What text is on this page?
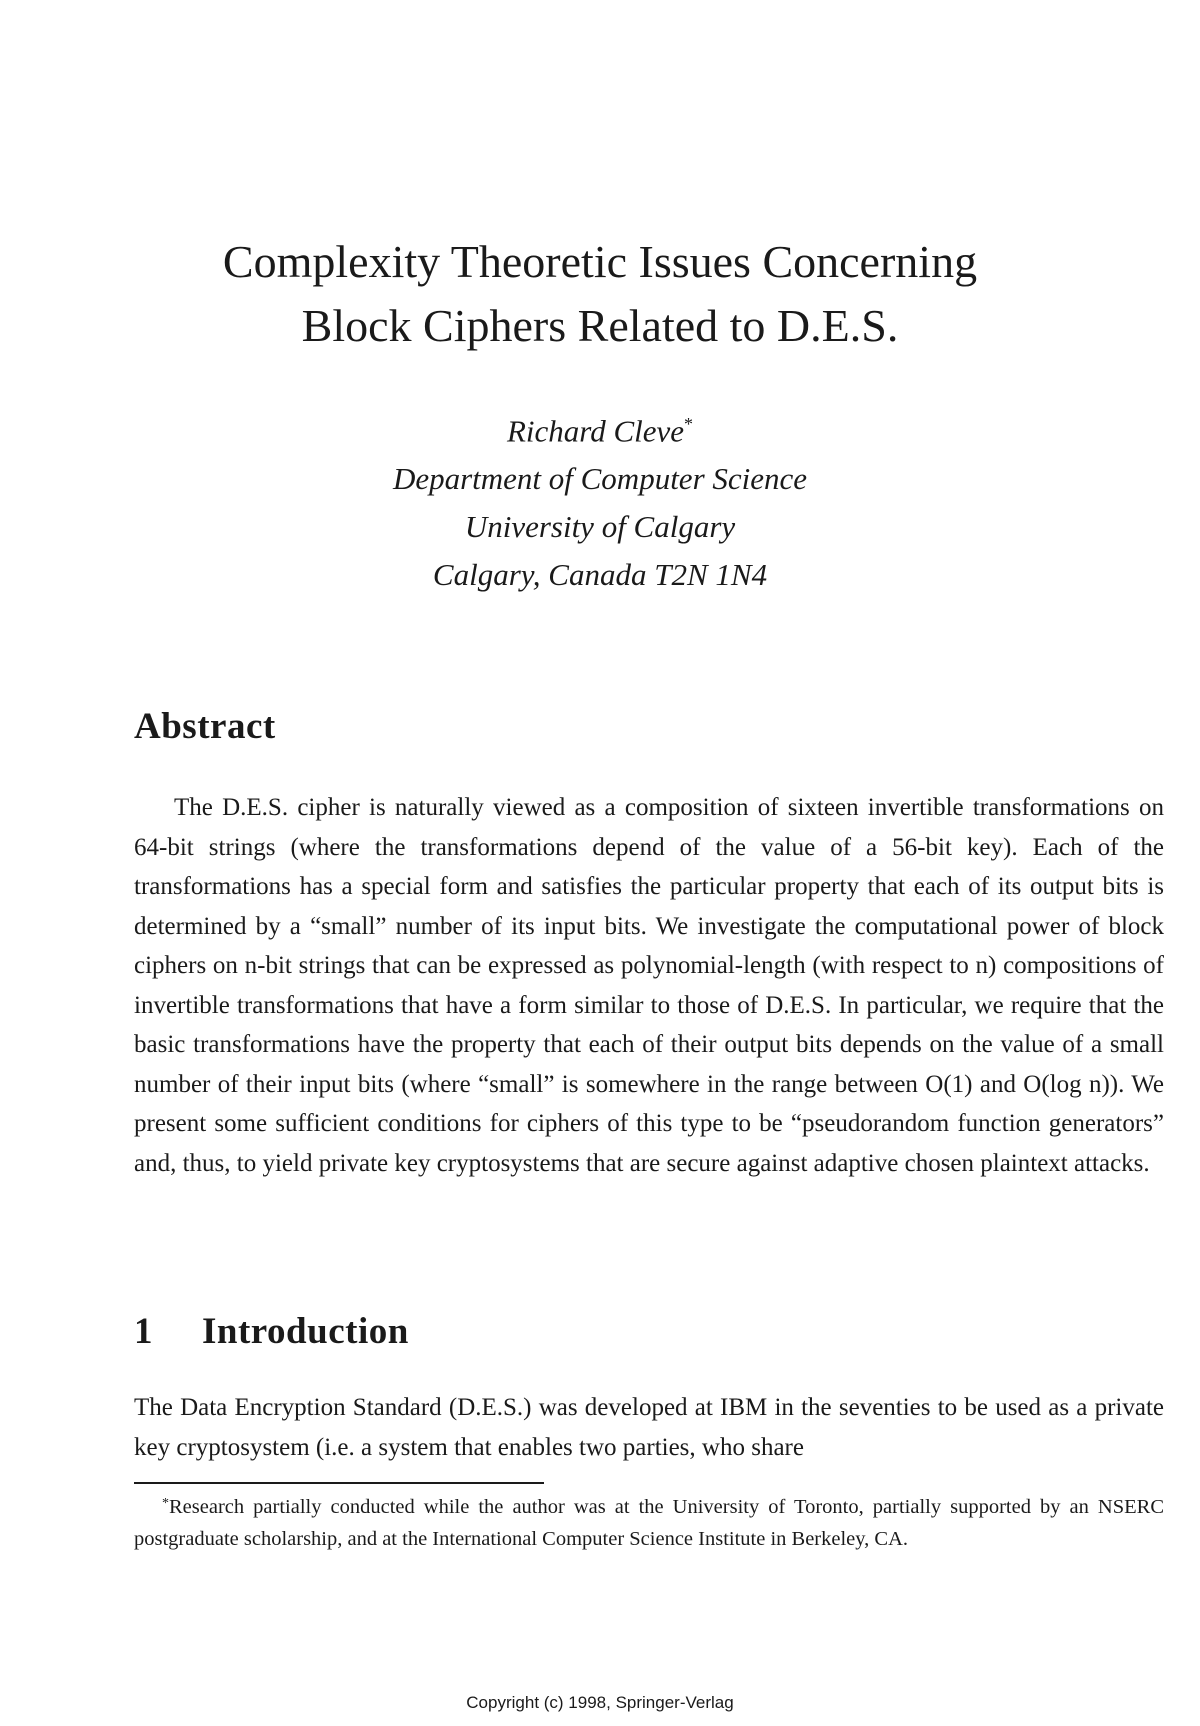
Complexity Theoretic Issues Concerning
Block Ciphers Related to D.E.S.
Richard Cleve*
Department of Computer Science
University of Calgary
Calgary, Canada T2N 1N4
Abstract

The D.E.S. cipher is naturally viewed as a composition of sixteen invertible transformations on 64-bit strings (where the transformations depend of the value of a 56-bit key). Each of the transformations has a special form and satisfies the particular property that each of its output bits is determined by a “small” number of its input bits. We investigate the computational power of block ciphers on n-bit strings that can be expressed as polynomial-length (with respect to n) compositions of invertible transformations that have a form similar to those of D.E.S. In particular, we require that the basic transformations have the property that each of their output bits depends on the value of a small number of their input bits (where “small” is somewhere in the range between O(1) and O(log n)). We present some sufficient conditions for ciphers of this type to be “pseudorandom function generators” and, thus, to yield private key cryptosystems that are secure against adaptive chosen plaintext attacks.

1 Introduction

The Data Encryption Standard (D.E.S.) was developed at IBM in the seventies to be used as a private key cryptosystem (i.e. a system that enables two parties, who share

*Research partially conducted while the author was at the University of Toronto, partially supported by an NSERC postgraduate scholarship, and at the International Computer Science Institute in Berkeley, CA.

Copyright (c) 1998, Springer-Verlag
